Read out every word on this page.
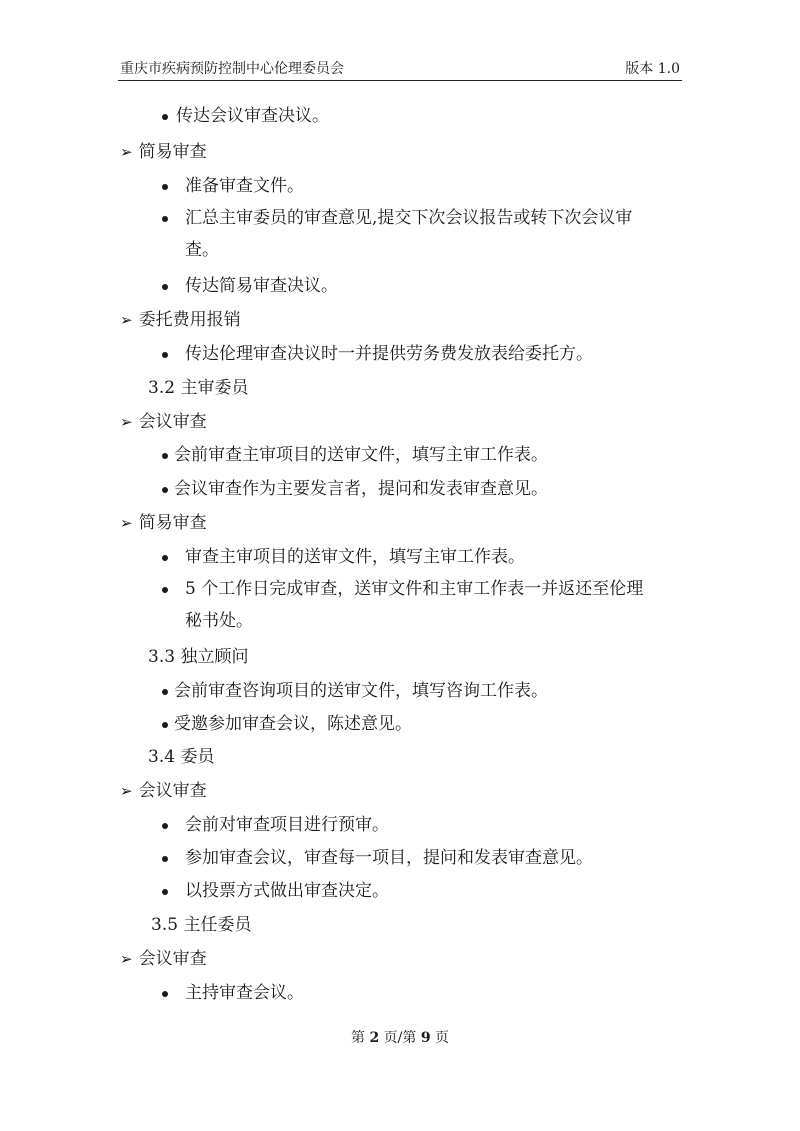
重庆市疾病预防控制中心伦理委员会	版本 1.0
传达会议审查决议。
➢ 简易审查
准备审查文件。
汇总主审委员的审查意见,提交下次会议报告或转下次会议审
查。
传达简易审查决议。
➢ 委托费用报销
传达伦理审查决议时一并提供劳务费发放表给委托方。
3.2 主审委员
➢ 会议审查
会前审查主审项目的送审文件，填写主审工作表。
会议审查作为主要发言者，提问和发表审查意见。
➢ 简易审查
审查主审项目的送审文件，填写主审工作表。
5 个工作日完成审查，送审文件和主审工作表一并返还至伦理
秘书处。
3.3 独立顾问
会前审查咨询项目的送审文件，填写咨询工作表。
受邀参加审查会议，陈述意见。
3.4 委员
➢ 会议审查
会前对审查项目进行预审。
参加审查会议，审查每一项目，提问和发表审查意见。
以投票方式做出审查决定。
3.5 主任委员
➢ 会议审查
主持审查会议。
第 2 页/第 9 页
